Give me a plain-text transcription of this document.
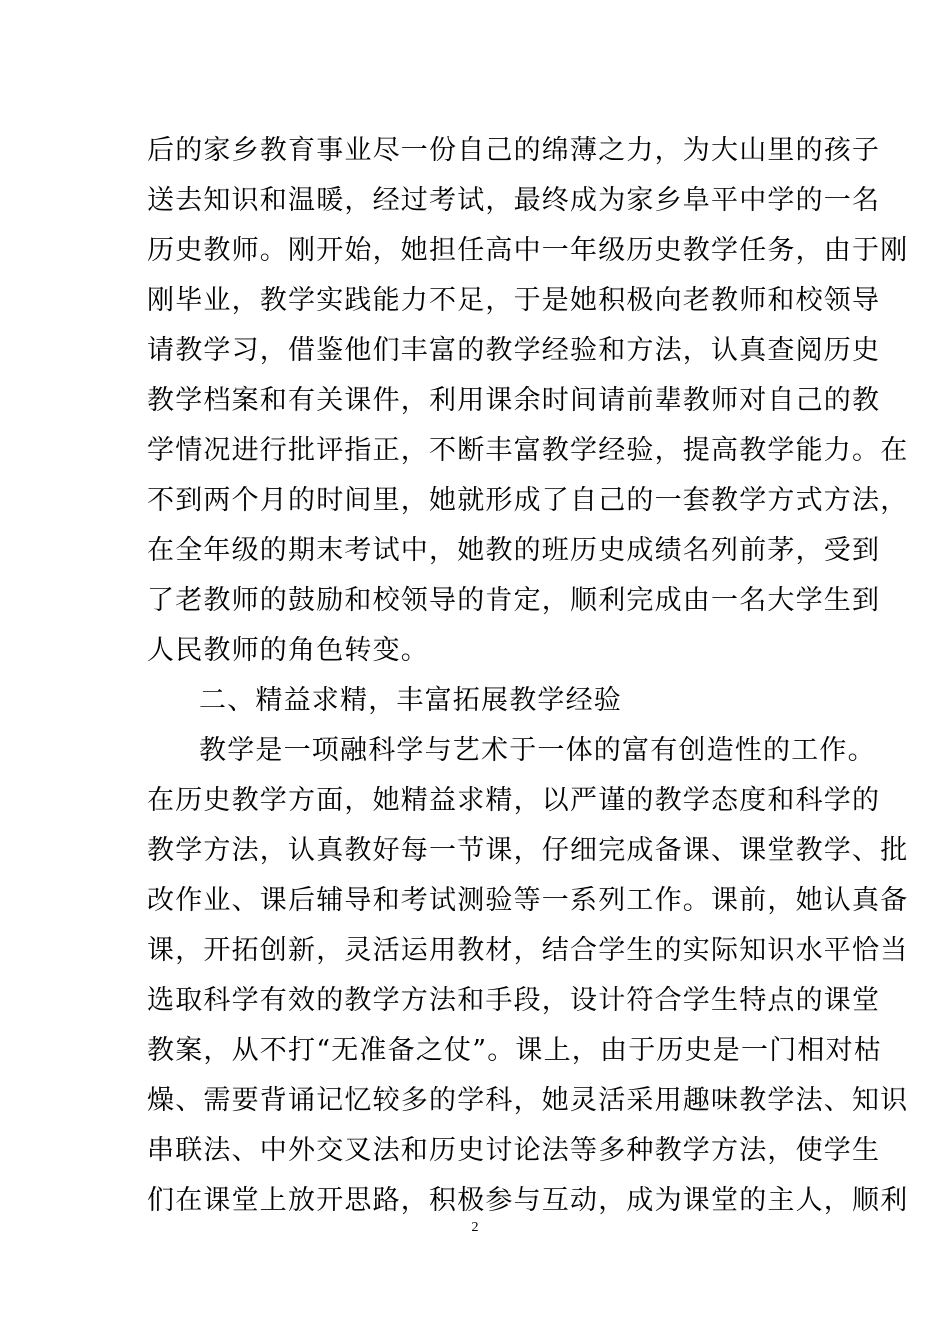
后的家乡教育事业尽一份自己的绵薄之力，为大山里的孩子
送去知识和温暖，经过考试，最终成为家乡阜平中学的一名
历史教师。刚开始，她担任高中一年级历史教学任务，由于刚
刚毕业，教学实践能力不足，于是她积极向老教师和校领导
请教学习，借鉴他们丰富的教学经验和方法，认真查阅历史
教学档案和有关课件，利用课余时间请前辈教师对自己的教
学情况进行批评指正，不断丰富教学经验，提高教学能力。在
不到两个月的时间里，她就形成了自己的一套教学方式方法，
在全年级的期末考试中，她教的班历史成绩名列前茅，受到
了老教师的鼓励和校领导的肯定，顺利完成由一名大学生到
人民教师的角色转变。
二、精益求精，丰富拓展教学经验
教学是一项融科学与艺术于一体的富有创造性的工作。
在历史教学方面，她精益求精，以严谨的教学态度和科学的
教学方法，认真教好每一节课，仔细完成备课、课堂教学、批
改作业、课后辅导和考试测验等一系列工作。课前，她认真备
课，开拓创新，灵活运用教材，结合学生的实际知识水平恰当
选取科学有效的教学方法和手段，设计符合学生特点的课堂
教案，从不打“无准备之仗”。课上，由于历史是一门相对枯
燥、需要背诵记忆较多的学科，她灵活采用趣味教学法、知识
串联法、中外交叉法和历史讨论法等多种教学方法，使学生
们在课堂上放开思路，积极参与互动，成为课堂的主人，顺利
2
